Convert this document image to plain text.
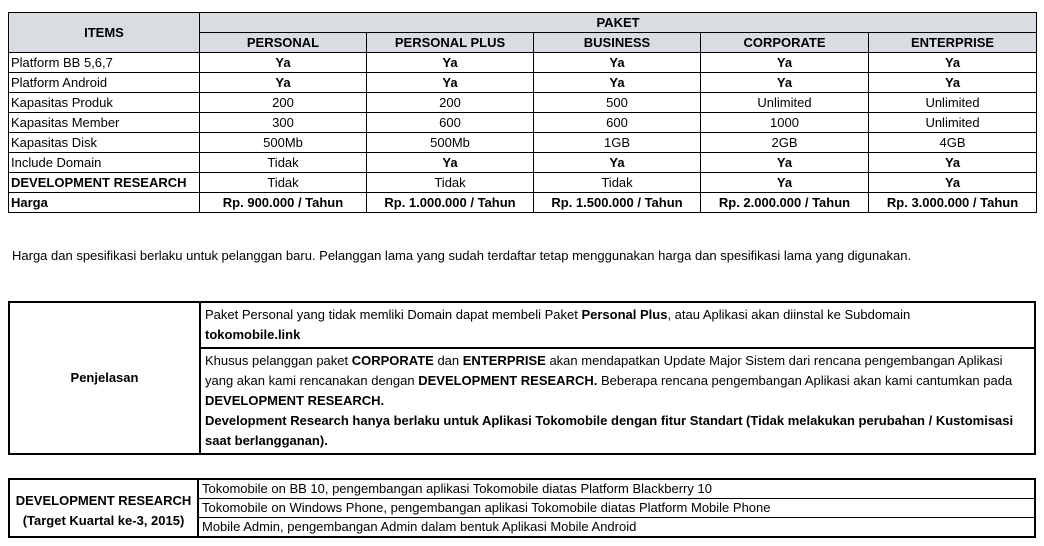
ITEMS	PAKET				
	PERSONAL	PERSONAL PLUS	BUSINESS	CORPORATE	ENTERPRISE
Platform BB 5,6,7	Ya	Ya	Ya	Ya	Ya
Platform Android	Ya	Ya	Ya	Ya	Ya
Kapasitas Produk	200	200	500	Unlimited	Unlimited
Kapasitas Member	300	600	600	1000	Unlimited
Kapasitas Disk	500Mb	500Mb	1GB	2GB	4GB
Include Domain	Tidak	Ya	Ya	Ya	Ya
DEVELOPMENT RESEARCH	Tidak	Tidak	Tidak	Ya	Ya
Harga	Rp. 900.000 / Tahun	Rp. 1.000.000 / Tahun	Rp. 1.500.000 / Tahun	Rp. 2.000.000 / Tahun	Rp. 3.000.000 / Tahun
Harga dan spesifikasi berlaku untuk pelanggan baru. Pelanggan lama yang sudah terdaftar tetap menggunakan harga dan spesifikasi lama yang digunakan.
Penjelasan	Paket Personal yang tidak memliki Domain dapat membeli Paket Personal Plus, atau Aplikasi akan diinstal ke Subdomain
tokomobile.link
Khusus pelanggan paket CORPORATE dan ENTERPRISE akan mendapatkan Update Major Sistem dari rencana pengembangan Aplikasi yang akan kami rencanakan dengan DEVELOPMENT RESEARCH. Beberapa rencana pengembangan Aplikasi akan kami cantumkan pada DEVELOPMENT RESEARCH.
Development Research hanya berlaku untuk Aplikasi Tokomobile dengan fitur Standart (Tidak melakukan perubahan / Kustomisasi saat berlangganan).
DEVELOPMENT RESEARCH
(Target Kuartal ke-3, 2015)
	Tokomobile on BB 10, pengembangan aplikasi Tokomobile diatas Platform Blackberry 10
Tokomobile on Windows Phone, pengembangan aplikasi Tokomobile diatas Platform Mobile Phone
Mobile Admin, pengembangan Admin dalam bentuk Aplikasi Mobile Android
